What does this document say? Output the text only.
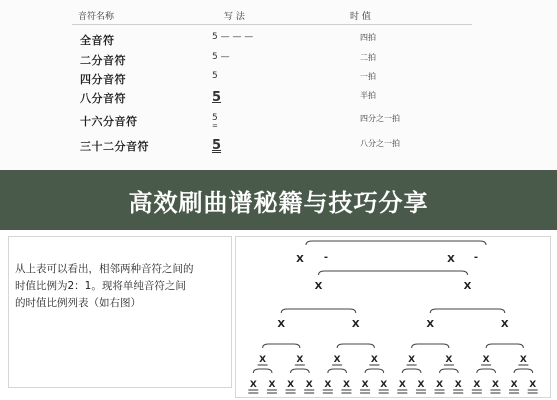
音符名称	写 法	时 值
全音符	5 — — —	四拍
二分音符	5 —	二拍
四分音符	5	一拍
八分音符	5	半拍
十六分音符	5 =	四分之一拍
三十二分音符	5	八分之一拍
高效刷曲谱秘籍与技巧分享
从上表可以看出，相邻两种音符之间的
时值比例为2：1。现将单纯音符之间
的时值比例列表（如右图）
X -	X -
X	X
X	X	X	X
X	X	X	X	X	X	X	X
X X X X X X X X X X X X X X X X
